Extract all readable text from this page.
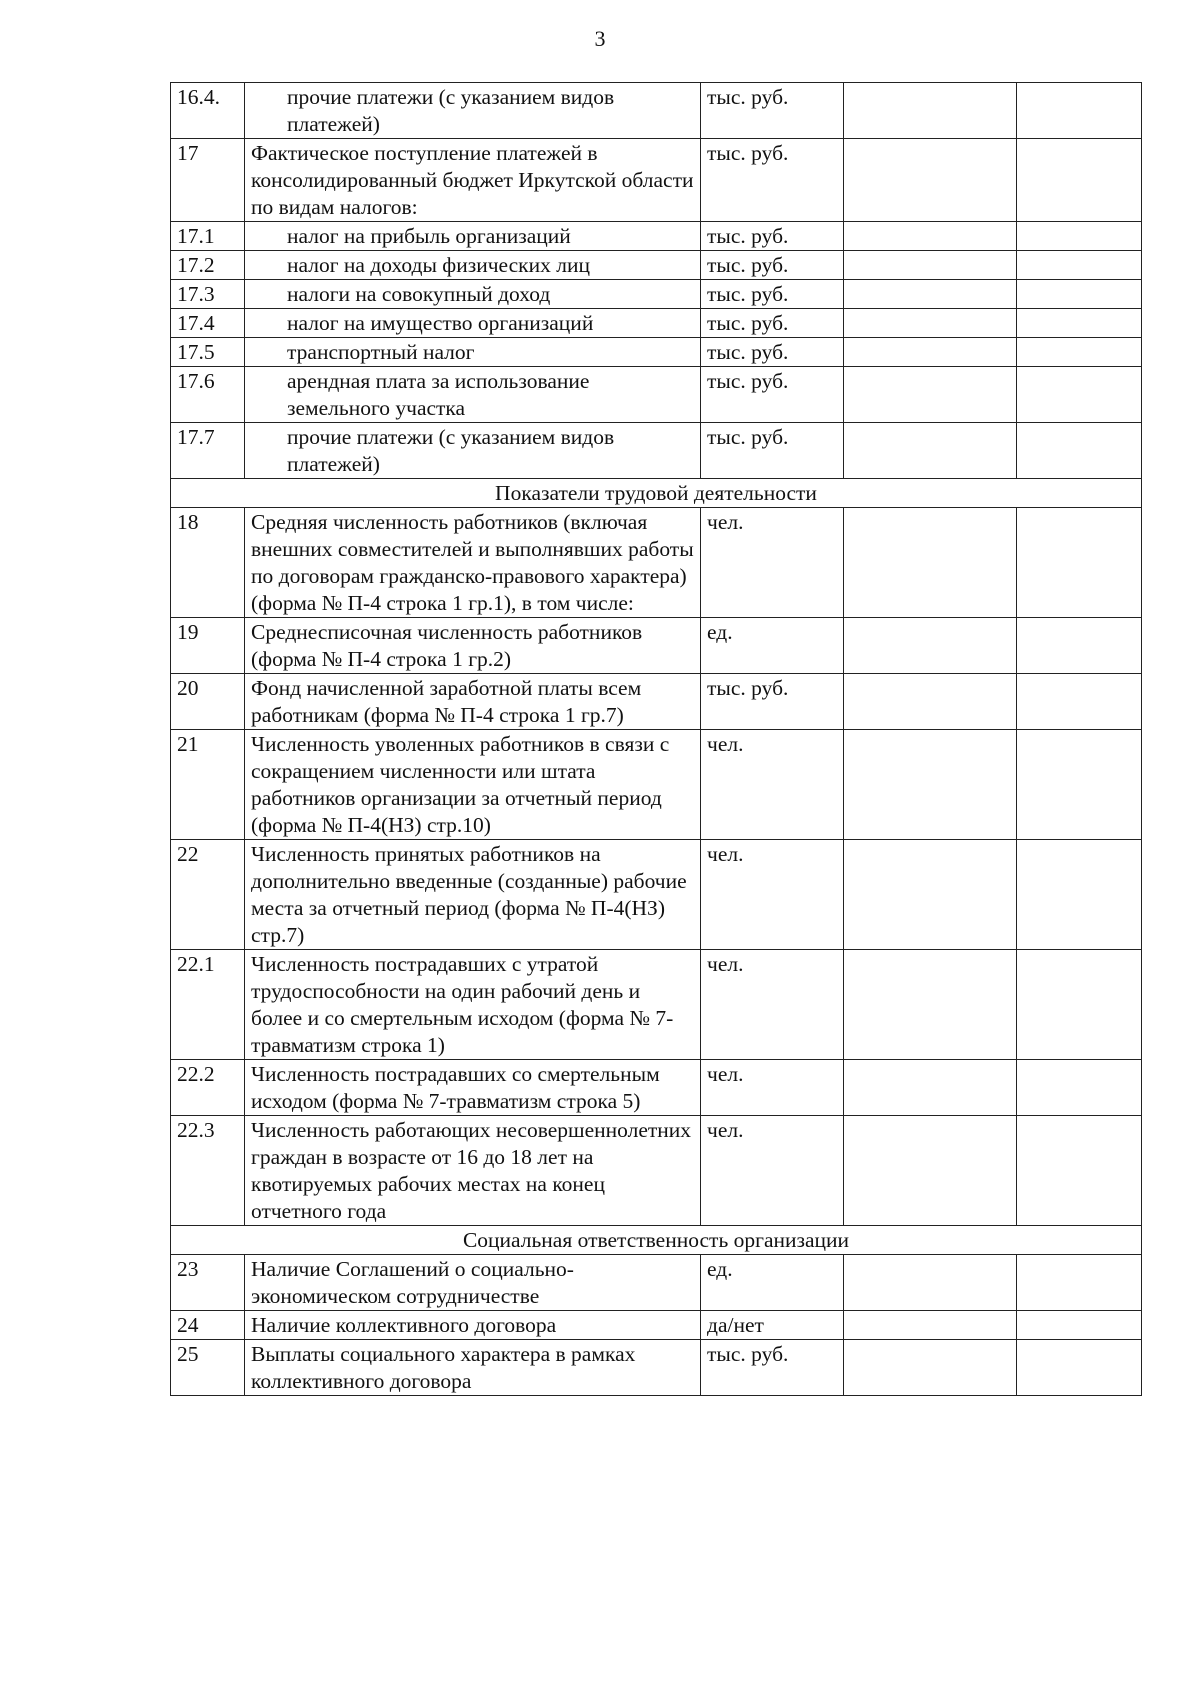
3
16.4.	прочие платежи (с указанием видов платежей)	тыс. руб.		
17	Фактическое поступление платежей в консолидированный бюджет Иркутской области по видам налогов:	тыс. руб.		
17.1	налог на прибыль организаций	тыс. руб.		
17.2	налог на доходы физических лиц	тыс. руб.		
17.3	налоги на совокупный доход	тыс. руб.		
17.4	налог на имущество организаций	тыс. руб.		
17.5	транспортный налог	тыс. руб.		
17.6	арендная плата за использование земельного участка	тыс. руб.		
17.7	прочие платежи (с указанием видов платежей)	тыс. руб.		
Показатели трудовой деятельности				
18	Средняя численность работников (включая внешних совместителей и выполнявших работы по договорам гражданско-правового характера) (форма № П-4 строка 1 гр.1), в том числе:	чел.		
19	Среднесписочная численность работников (форма № П-4 строка 1 гр.2)	ед.		
20	Фонд начисленной заработной платы всем работникам (форма № П-4 строка 1 гр.7)	тыс. руб.		
21	Численность уволенных работников в связи с сокращением численности или штата работников организации за отчетный период (форма № П-4(НЗ) стр.10)	чел.		
22	Численность принятых работников на дополнительно введенные (созданные) рабочие места за отчетный период (форма № П-4(НЗ) стр.7)	чел.		
22.1	Численность пострадавших с утратой трудоспособности на один рабочий день и более и со смертельным исходом (форма № 7-травматизм строка 1)	чел.		
22.2	Численность пострадавших со смертельным исходом (форма № 7-травматизм строка 5)	чел.		
22.3	Численность работающих несовершеннолетних граждан в возрасте от 16 до 18 лет на квотируемых рабочих местах на конец отчетного года	чел.		
Социальная ответственность организации				
23	Наличие Соглашений о социально-экономическом сотрудничестве	ед.		
24	Наличие коллективного договора	да/нет		
25	Выплаты социального характера в рамках коллективного договора	тыс. руб.		
